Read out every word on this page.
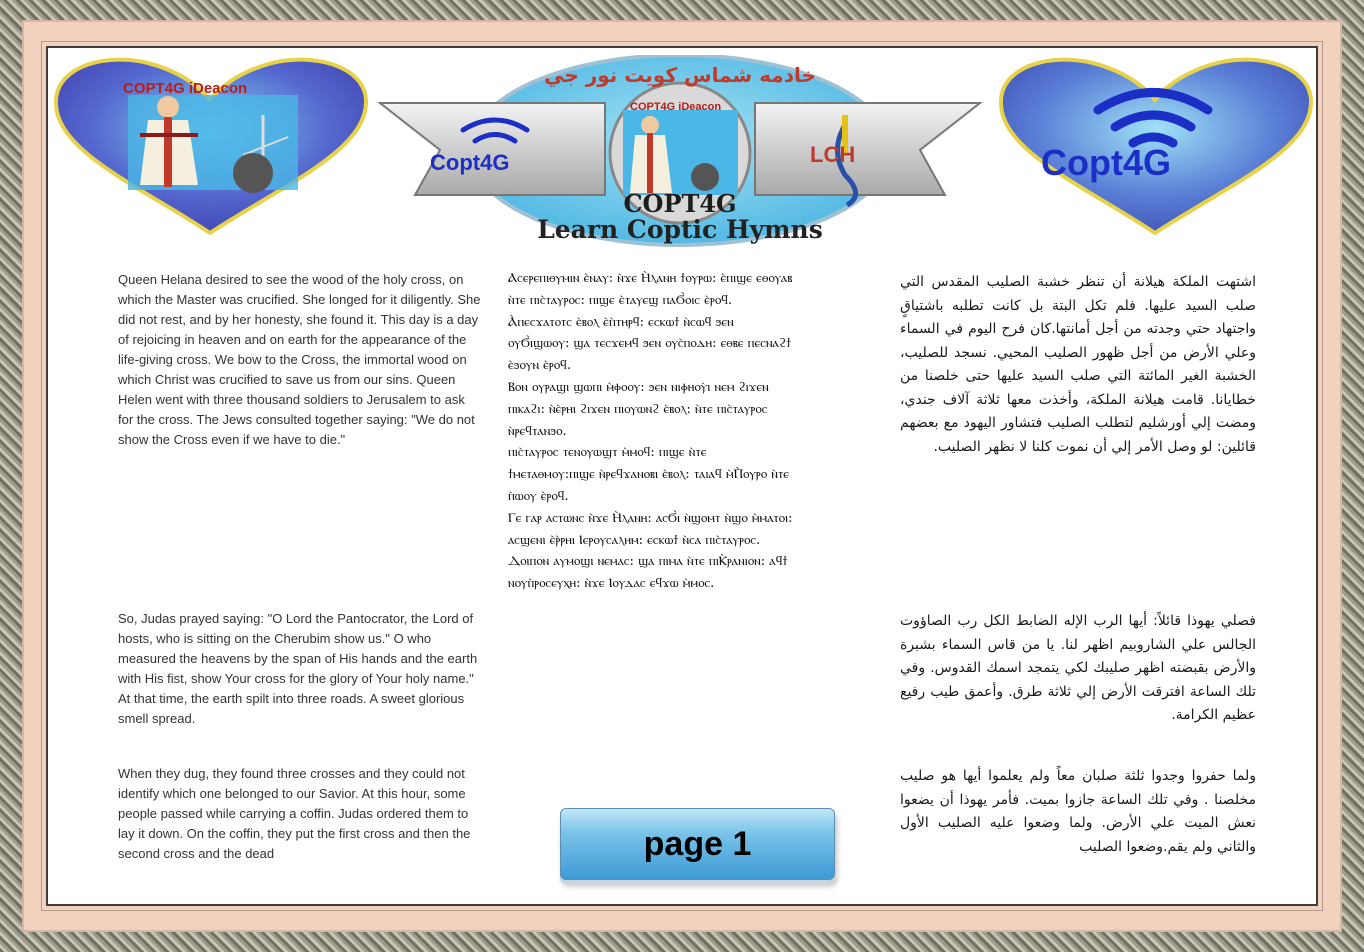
COPT4G iDeacon
Copt4G
COPT4G iDeacon
Copt4G	LCH
خادمه شماس كويت نور جي
COPT4G
Learn Coptic Hymns
Queen Helana desired to see the wood of the holy cross, on which the Master was crucified. She longed for it diligently. She did not rest, and by her honesty, she found it. This day is a day of rejoicing in heaven and on earth for the appearance of the life-giving cross. We bow to the Cross, the immortal wood on which Christ was crucified to save us from our sins. Queen Helen went with three thousand soldiers to Jerusalem to ask for the cross. The Jews consulted together saying: "We do not show the Cross even if we have to die."
So, Judas prayed saying: "O Lord the Pantocrator, the Lord of hosts, who is sitting on the Cherubim show us." O who measured the heavens by the span of His hands and the earth with His fist, show Your cross for the glory of Your holy name." At that time, the earth spilt into three roads. A sweet glorious smell spread.
When they dug, they found three crosses and they could not identify which one belonged to our Savior. At this hour, some people passed while carrying a coffin. Judas ordered them to lay it down. On the coffin, they put the first cross and then the second cross and the dead
Ⲁⲥⲉⲣⲉⲡⲓⲑⲩⲙⲓⲛ ⲉ̀ⲛⲁⲩ: ⲛ̀ϫⲉ Ⲏ̀ⲗⲁⲛⲏ ϯⲟⲩⲣⲱ: ⲉ̀ⲡⲓϣⲉ ⲉⲑⲟⲩⲁⲃ
ⲛ̀ⲧⲉ ⲡⲓⲥ̀ⲧⲁⲩⲣⲟⲥ: ⲡⲓϣⲉ ⲉ̀ⲧⲁⲩⲉϣ ⲡⲁϬ̀ⲟⲓⲥ ⲉ̀ⲣⲟϥ.
Ⲁ̀ⲡⲉⲥϫⲁⲧⲟⲧⲥ ⲉ̀ⲃⲟⲗ ⲉ̀ⲡ̀ⲧⲏⲣϥ: ⲉⲥⲕⲱϯ ⲛ̀ⲥⲱϥ ϧⲉⲛ
ⲟⲩϬ̀ⲓϣⲱⲟⲩ: ϣⲁ ⲧⲉⲥϫⲉⲙϥ ϧⲉⲛ ⲟⲩⲥ̀ⲡⲟⲇⲏ: ⲉⲑⲃⲉ ⲡⲉⲥⲛⲁϩϯ
ⲉ̀ϧⲟⲩⲛ ⲉ̀ⲣⲟϥ.
Ⲃⲟⲛ ⲟⲩⲣⲁϣⲓ ϣⲱⲡⲓ ⲙ̀ⲫⲟⲟⲩ: ϧⲉⲛ ⲛⲓⲫⲏⲟⲩ̀ⲓ ⲛⲉⲙ ϩⲓϫⲉⲛ
ⲡⲓⲕⲁϩⲓ: ⲛ̀ⲉ̀ⲣⲏⲓ ϩⲓϫⲉⲛ ⲡⲓⲟⲩⲱⲛϩ ⲉ̀ⲃⲟⲗ: ⲛ̀ⲧⲉ ⲡⲓⲥ̀ⲧⲁⲩⲣⲟⲥ
ⲛ̀ⲣⲉϥⲧⲁⲛϧⲟ.
ⲡⲓⲥ̀ⲧⲁⲩⲣⲟⲥ ⲧⲉⲛⲟⲩⲱϣⲧ ⲙ̀ⲙⲟϥ: ⲡⲓϣⲉ ⲛ̀ⲧⲉ
ϯⲙⲉⲧⲁⲑⲙⲟⲩ:ⲡⲓϣⲉ ⲛ̀ⲣⲉϥϫⲁⲛⲟⲃⲓ ⲉ̀ⲃⲟⲗ: ⲧⲁⲓⲁϥ ⲙ̀Ⲡ̀ⲟⲩⲣⲟ ⲛ̀ⲧⲉ
ⲡ̀ⲱⲟⲩ ⲉ̀ⲣⲟϥ.
Ⲅⲉ ⲅⲁⲣ ⲁⲥⲧⲱⲛⲥ ⲛ̀ϫⲉ Ⲏ̀ⲗⲁⲛⲏ: ⲁⲥϬ̀ⲓ ⲛ̀ϣⲟⲙⲧ ⲛ̀ϣⲟ ⲙ̀ⲙⲁⲧⲟⲓ:
ⲁⲥϣⲉⲛⲓ ⲉ̀ⲣ̀ⲣⲏⲓ Ⲓⲉⲣⲟⲩⲥⲁⲗⲏⲙ: ⲉⲥⲕⲱϯ ⲛ̀ⲥⲁ ⲡⲓⲥ̀ⲧⲁⲩⲣⲟⲥ.
Ⲇⲟⲓⲡⲟⲛ ⲁⲩⲙⲟϣⲓ ⲛⲉⲙⲁⲥ: ϣⲁ ⲡⲓⲙⲁ ⲛ̀ⲧⲉ ⲡⲓⲔ̀ⲣⲁⲛⲓⲟⲛ: ⲁϥϯ
ⲛⲟⲩⲡ̀ⲣⲟⲥⲉⲩⲭⲏ: ⲛ̀ϫⲉ Ⲓⲟⲩⲇⲁⲥ ⲉϥϫⲱ ⲙ̀ⲙⲟⲥ.
اشتهت الملكة هيلانة أن تنظر خشبة الصليب المقدس التي صلب السيد عليها. فلم تكل البتة بل كانت تطلبه باشتياقٍ واجتهاد حتي وجدته من أجل أمانتها.كان فرح اليوم في السماء وعلي الأرض من أجل ظهور الصليب المحيي. نسجد للصليب، الخشبة الغير المائتة التي صلب السيد عليها حتى خلصنا من خطايانا. قامت هيلانة الملكة، وأخذت معها ثلاثة آلاف جندي، ومضت إلي أورشليم لتطلب الصليب فتشاور اليهود مع بعضهم قائلين: لو وصل الأمر إلي أن نموت كلنا لا نظهر الصليب.
فصلي يهوذا قائلاً: أيها الرب الإله الضابط الكل رب الصاؤوت الجالس علي الشاروبيم اظهر لنا. يا من قاس السماء بشبرة والأرض بقبضته اظهر صليبك لكي يتمجد اسمك القدوس. وفي تلك الساعة افترقت الأرض إلي ثلاثة طرق. وأعمق طيب رفيع عظيم الكرامة.
ولما حفروا وجدوا ثلثة صلبان معاً ولم يعلموا أيها هو صليب مخلصنا . وفي تلك الساعة جازوا بميت. فأمر يهوذا أن يضعوا نعش الميت علي الأرض. ولما وضعوا عليه الصليب الأول والثاني ولم يقم.وضعوا الصليب
page 1
